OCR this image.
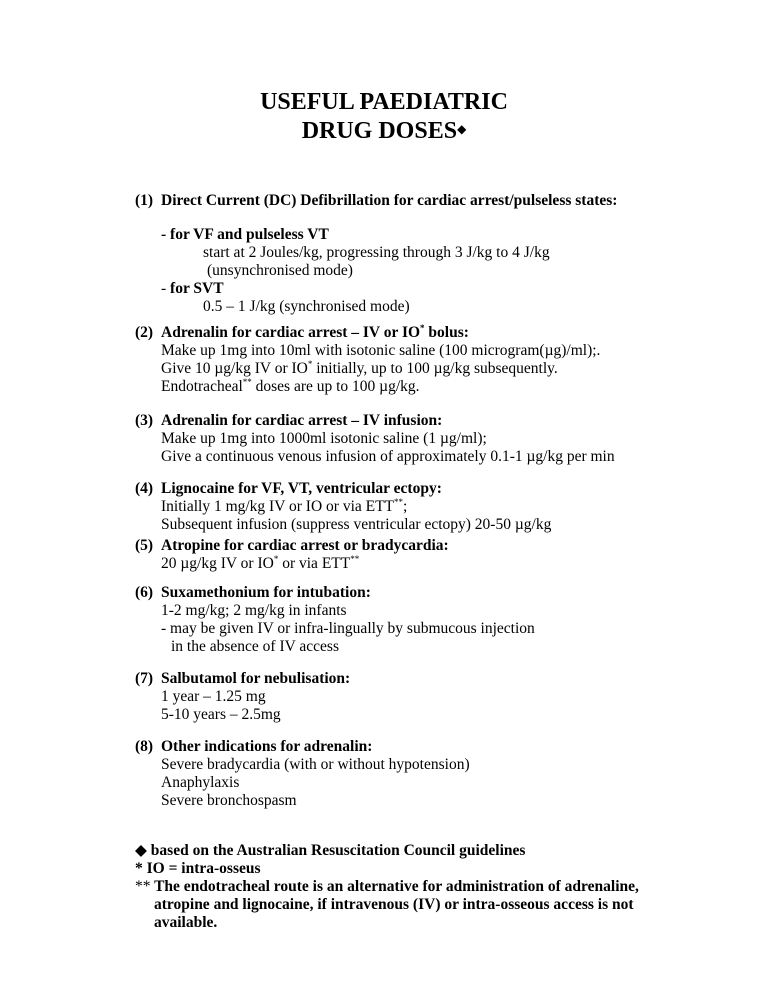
USEFUL PAEDIATRIC
DRUG DOSES◆
(1) Direct Current (DC) Defibrillation for cardiac arrest/pulseless states:
- for VF and pulseless VT
start at 2 Joules/kg, progressing through 3 J/kg to 4 J/kg
(unsynchronised mode)
- for SVT
0.5 – 1 J/kg (synchronised mode)
(2) Adrenalin for cardiac arrest – IV or IO* bolus:
Make up 1mg into 10ml with isotonic saline (100 microgram(µg)/ml);.
Give 10 µg/kg IV or IO* initially, up to 100 µg/kg subsequently.
Endotracheal** doses are up to 100 µg/kg.
(3) Adrenalin for cardiac arrest – IV infusion:
Make up 1mg into 1000ml isotonic saline (1 µg/ml);
Give a continuous venous infusion of approximately 0.1-1 µg/kg per min
(4) Lignocaine for VF, VT, ventricular ectopy:
Initially 1 mg/kg IV or IO or via ETT**;
Subsequent infusion (suppress ventricular ectopy) 20-50 µg/kg
(5) Atropine for cardiac arrest or bradycardia:
20 µg/kg IV or IO* or via ETT**
(6) Suxamethonium for intubation:
1-2 mg/kg; 2 mg/kg in infants
- may be given IV or infra-lingually by submucous injection
in the absence of IV access
(7) Salbutamol for nebulisation:
1 year – 1.25 mg
5-10 years – 2.5mg
(8) Other indications for adrenalin:
Severe bradycardia (with or without hypotension)
Anaphylaxis
Severe bronchospasm
◆ based on the Australian Resuscitation Council guidelines
* IO = intra-osseus
** The endotracheal route is an alternative for administration of adrenaline,
atropine and lignocaine, if intravenous (IV) or intra-osseous access is not
available.
